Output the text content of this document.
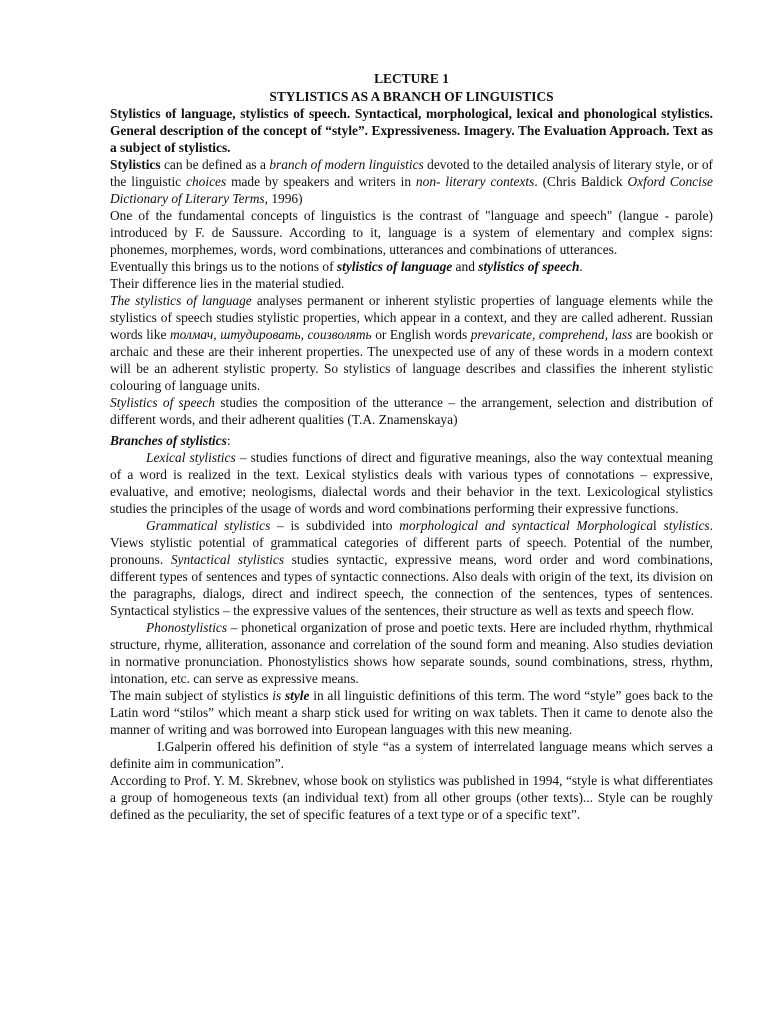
LECTURE 1

STYLISTICS AS A BRANCH OF LINGUISTICS

Stylistics of language, stylistics of speech. Syntactical, morphological, lexical and phonological stylistics. General description of the concept of “style”. Expressiveness. Imagery. The Evaluation Approach. Text as a subject of stylistics.

Stylistics can be defined as a branch of modern linguistics devoted to the detailed analysis of literary style, or of the linguistic choices made by speakers and writers in non- literary contexts. (Chris Baldick Oxford Concise Dictionary of Literary Terms, 1996)

One of the fundamental concepts of linguistics is the contrast of "language and speech" (langue - parole) introduced by F. de Saussure. According to it, language is a system of elementary and complex signs: phonemes, morphemes, words, word combinations, utterances and combinations of utterances.

Eventually this brings us to the notions of stylistics of language and stylistics of speech.

Their difference lies in the material studied.

The stylistics of language analyses permanent or inherent stylistic properties of language elements while the stylistics of speech studies stylistic properties, which appear in a context, and they are called adherent. Russian words like толмач, штудировать, соизволять or English words prevaricate, comprehend, lass are bookish or archaic and these are their inherent properties. The unexpected use of any of these words in a modern context will be an adherent stylistic property. So stylistics of language describes and classifies the inherent stylistic colouring of language units.

Stylistics of speech studies the composition of the utterance – the arrangement, selection and distribution of different words, and their adherent qualities (T.A. Znamenskaya)

Branches of stylistics:

Lexical stylistics – studies functions of direct and figurative meanings, also the way contextual meaning of a word is realized in the text. Lexical stylistics deals with various types of connotations – expressive, evaluative, and emotive; neologisms, dialectal words and their behavior in the text. Lexicological stylistics studies the principles of the usage of words and word combinations performing their expressive functions.

Grammatical stylistics – is subdivided into morphological and syntactical Morphological stylistics. Views stylistic potential of grammatical categories of different parts of speech. Potential of the number, pronouns. Syntactical stylistics studies syntactic, expressive means, word order and word combinations, different types of sentences and types of syntactic connections. Also deals with origin of the text, its division on the paragraphs, dialogs, direct and indirect speech, the connection of the sentences, types of sentences. Syntactical stylistics – the expressive values of the sentences, their structure as well as texts and speech flow.

Phonostylistics – phonetical organization of prose and poetic texts. Here are included rhythm, rhythmical structure, rhyme, alliteration, assonance and correlation of the sound form and meaning. Also studies deviation in normative pronunciation. Phonostylistics shows how separate sounds, sound combinations, stress, rhythm, intonation, etc. can serve as expressive means.

The main subject of stylistics is style in all linguistic definitions of this term. The word “style” goes back to the Latin word “stilos” which meant a sharp stick used for writing on wax tablets. Then it came to denote also the manner of writing and was borrowed into European languages with this new meaning.

I.Galperin offered his definition of style “as a system of interrelated language means which serves a definite aim in communication”.

According to Prof. Y. M. Skrebnev, whose book on stylistics was published in 1994, “style is what differentiates a group of homogeneous texts (an individual text) from all other groups (other texts)... Style can be roughly defined as the peculiarity, the set of specific features of a text type or of a specific text”.
